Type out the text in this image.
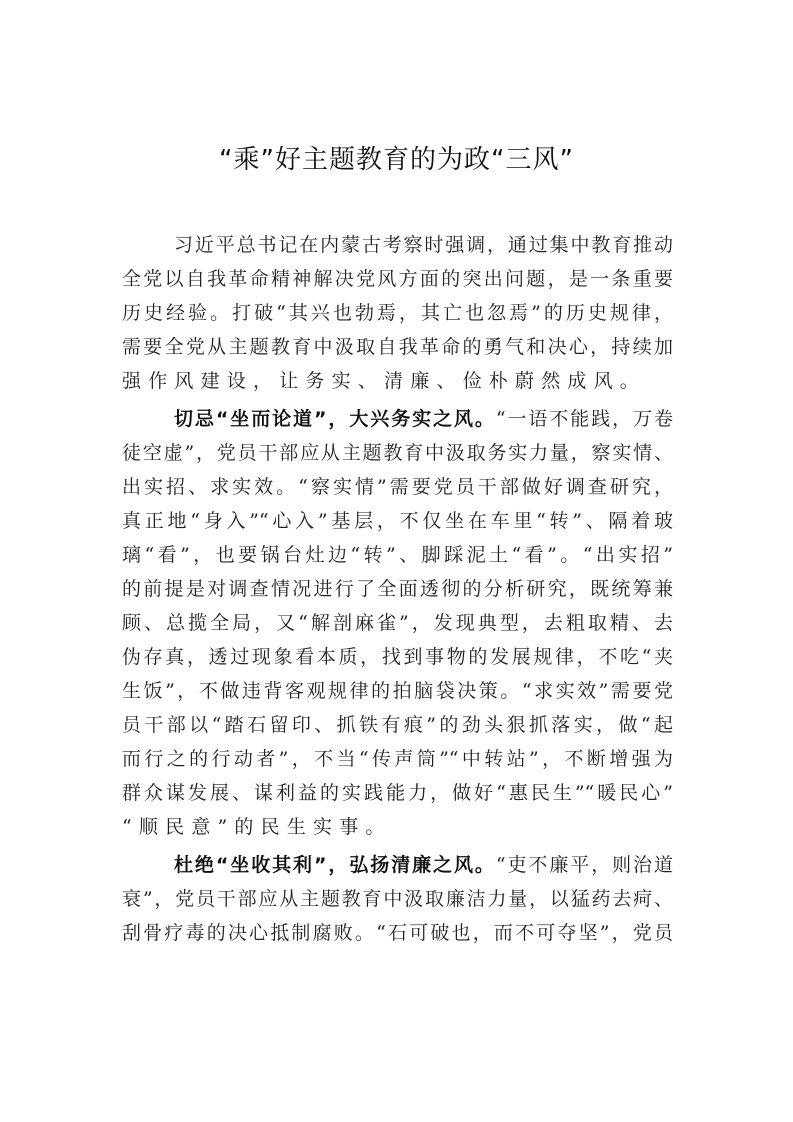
“乘”好主题教育的为政“三风”
习近平总书记在内蒙古考察时强调，通过集中教育推动
全党以自我革命精神解决党风方面的突出问题，是一条重要
历史经验。打破“其兴也勃焉，其亡也忽焉”的历史规律，
需要全党从主题教育中汲取自我革命的勇气和决心，持续加
强作风建设，让务实、清廉、俭朴蔚然成风。
切忌“坐而论道”，大兴务实之风。“一语不能践，万卷
徒空虚”，党员干部应从主题教育中汲取务实力量，察实情、
出实招、求实效。“察实情”需要党员干部做好调查研究，
真正地“身入”“心入”基层，不仅坐在车里“转”、隔着玻
璃“看”，也要锅台灶边“转”、脚踩泥土“看”。“出实招”
的前提是对调查情况进行了全面透彻的分析研究，既统筹兼
顾、总揽全局，又“解剖麻雀”，发现典型，去粗取精、去
伪存真，透过现象看本质，找到事物的发展规律，不吃“夹
生饭”，不做违背客观规律的拍脑袋决策。“求实效”需要党
员干部以“踏石留印、抓铁有痕”的劲头狠抓落实，做“起
而行之的行动者”，不当“传声筒”“中转站”，不断增强为
群众谋发展、谋利益的实践能力，做好“惠民生”“暖民心”
“顺民意”的民生实事。
杜绝“坐收其利”，弘扬清廉之风。“吏不廉平，则治道
衰”，党员干部应从主题教育中汲取廉洁力量，以猛药去疴、
刮骨疗毒的决心抵制腐败。“石可破也，而不可夺坚”，党员
